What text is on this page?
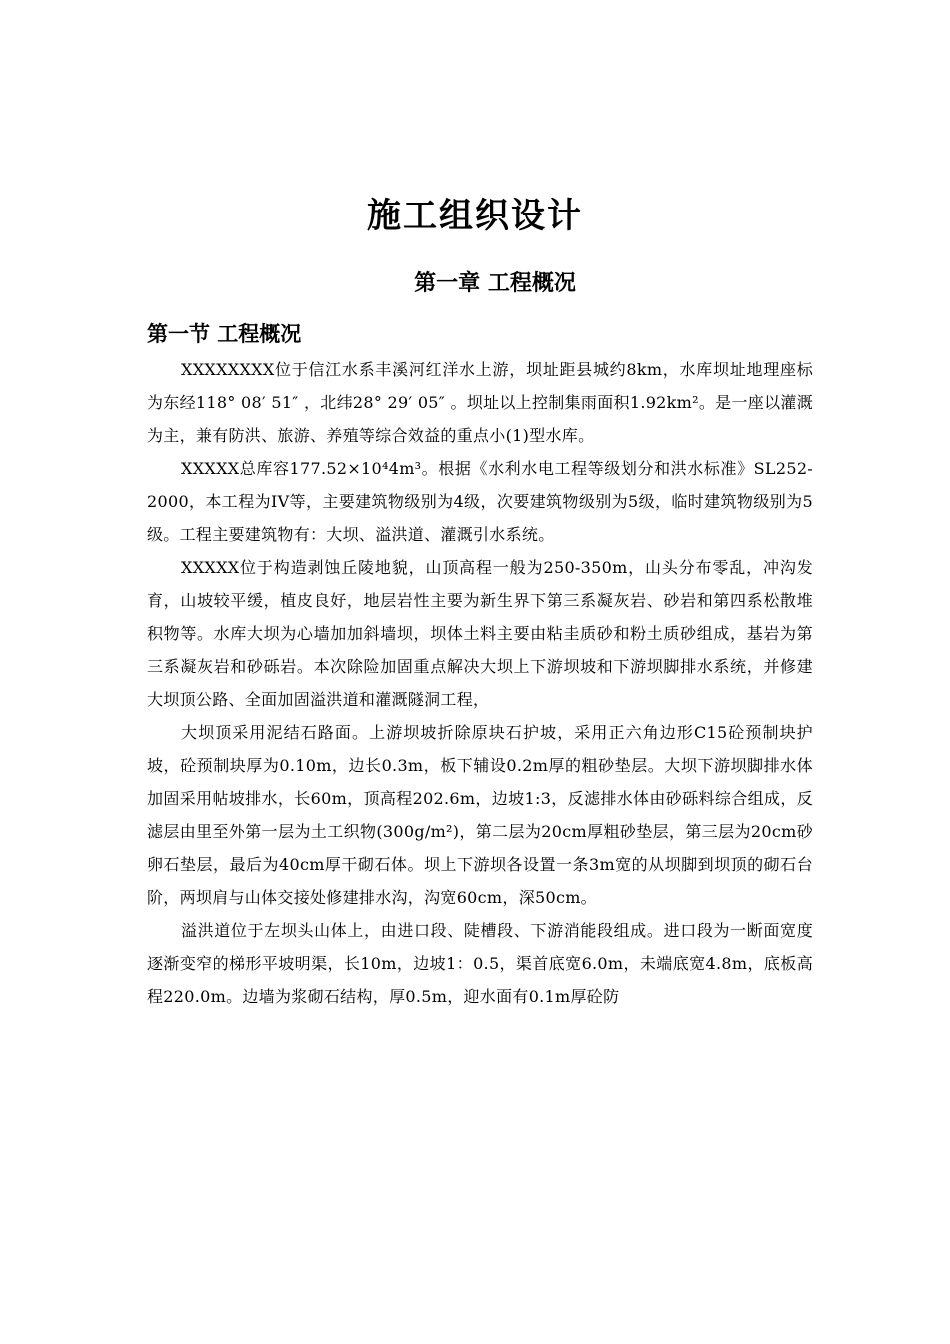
施工组织设计
第一章 工程概况
第一节 工程概况

XXXXXXXX位于信江水系丰溪河红洋水上游，坝址距县城约8km，水库坝址地理座标为东经118° 08′ 51″ ，北纬28° 29′ 05″ 。坝址以上控制集雨面积1.92km²。是一座以灌溉为主，兼有防洪、旅游、养殖等综合效益的重点小(1)型水库。

XXXXX总库容177.52×10⁴4m³。根据《水利水电工程等级划分和洪水标准》SL252-2000，本工程为IV等，主要建筑物级别为4级，次要建筑物级别为5级，临时建筑物级别为5级。工程主要建筑物有：大坝、溢洪道、灌溉引水系统。

XXXXX位于构造剥蚀丘陵地貌，山顶高程一般为250-350m，山头分布零乱，冲沟发育，山坡较平缓，植皮良好，地层岩性主要为新生界下第三系凝灰岩、砂岩和第四系松散堆积物等。水库大坝为心墙加加斜墙坝，坝体土料主要由粘圭质砂和粉土质砂组成，基岩为第三系凝灰岩和砂砾岩。本次除险加固重点解决大坝上下游坝坡和下游坝脚排水系统，并修建大坝顶公路、全面加固溢洪道和灌溉隧洞工程，

大坝顶采用泥结石路面。上游坝坡折除原块石护坡，采用正六角边形C15砼预制块护坡，砼预制块厚为0.10m，边长0.3m，板下辅设0.2m厚的粗砂垫层。大坝下游坝脚排水体加固采用帖坡排水，长60m，顶高程202.6m，边坡1:3，反滤排水体由砂砾料综合组成，反滤层由里至外第一层为土工织物(300g/m²)，第二层为20cm厚粗砂垫层，第三层为20cm砂卵石垫层，最后为40cm厚干砌石体。坝上下游坝各设置一条3m宽的从坝脚到坝顶的砌石台阶，两坝肩与山体交接处修建排水沟，沟宽60cm，深50cm。

溢洪道位于左坝头山体上，由进口段、陡槽段、下游消能段组成。进口段为一断面宽度逐渐变窄的梯形平坡明渠，长10m，边坡1：0.5，渠首底宽6.0m，未端底宽4.8m，底板高程220.0m。边墙为浆砌石结构，厚0.5m，迎水面有0.1m厚砼防
